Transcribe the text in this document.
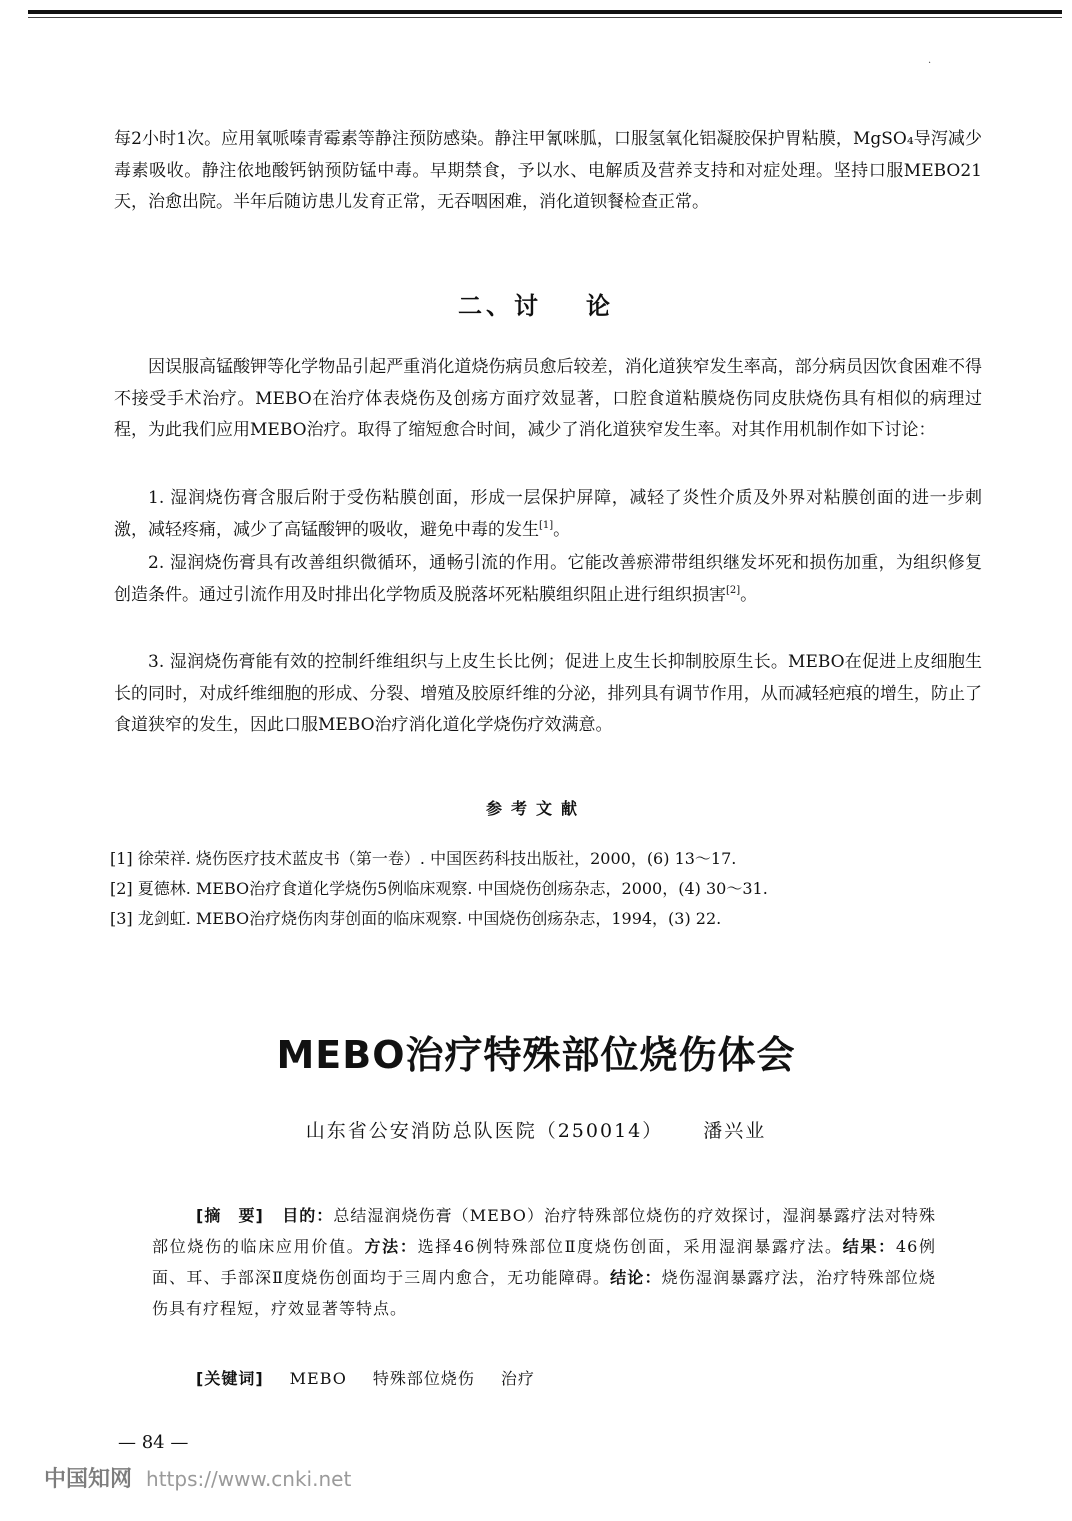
·

每2小时1次。应用氧哌嗪青霉素等静注预防感染。静注甲氰咪胍，口服氢氧化铝凝胶保护胃粘膜，MgSO₄导泻减少毒素吸收。静注依地酸钙钠预防锰中毒。早期禁食，予以水、电解质及营养支持和对症处理。坚持口服MEBO21天，治愈出院。半年后随访患儿发育正常，无吞咽困难，消化道钡餐检查正常。

二、讨 论

因误服高锰酸钾等化学物品引起严重消化道烧伤病员愈后较差，消化道狭窄发生率高，部分病员因饮食困难不得不接受手术治疗。MEBO在治疗体表烧伤及创疡方面疗效显著，口腔食道粘膜烧伤同皮肤烧伤具有相似的病理过程，为此我们应用MEBO治疗。取得了缩短愈合时间，减少了消化道狭窄发生率。对其作用机制作如下讨论：

1. 湿润烧伤膏含服后附于受伤粘膜创面，形成一层保护屏障，减轻了炎性介质及外界对粘膜创面的进一步刺激，减轻疼痛，减少了高锰酸钾的吸收，避免中毒的发生[1]。

2. 湿润烧伤膏具有改善组织微循环，通畅引流的作用。它能改善瘀滞带组织继发坏死和损伤加重，为组织修复创造条件。通过引流作用及时排出化学物质及脱落坏死粘膜组织阻止进行组织损害[2]。

3. 湿润烧伤膏能有效的控制纤维组织与上皮生长比例；促进上皮生长抑制胶原生长。MEBO在促进上皮细胞生长的同时，对成纤维细胞的形成、分裂、增殖及胶原纤维的分泌，排列具有调节作用，从而减轻疤痕的增生，防止了食道狭窄的发生，因此口服MEBO治疗消化道化学烧伤疗效满意。

参考文献
[1] 徐荣祥. 烧伤医疗技术蓝皮书（第一卷）. 中国医药科技出版社，2000，(6) 13～17.
[2] 夏德林. MEBO治疗食道化学烧伤5例临床观察. 中国烧伤创疡杂志，2000，(4) 30～31.
[3] 龙剑虹. MEBO治疗烧伤肉芽创面的临床观察. 中国烧伤创疡杂志，1994，(3) 22.
MEBO治疗特殊部位烧伤体会
山东省公安消防总队医院（250014） 潘兴业

[摘　要] 目的：总结湿润烧伤膏（MEBO）治疗特殊部位烧伤的疗效探讨，湿润暴露疗法对特殊部位烧伤的临床应用价值。方法：选择46例特殊部位Ⅱ度烧伤创面，采用湿润暴露疗法。结果：46例面、耳、手部深Ⅱ度烧伤创面均于三周内愈合，无功能障碍。结论：烧伤湿润暴露疗法，治疗特殊部位烧伤具有疗程短，疗效显著等特点。

[关键词] MEBO 特殊部位烧伤 治疗
— 84 —
中国知网 https://www.cnki.net
